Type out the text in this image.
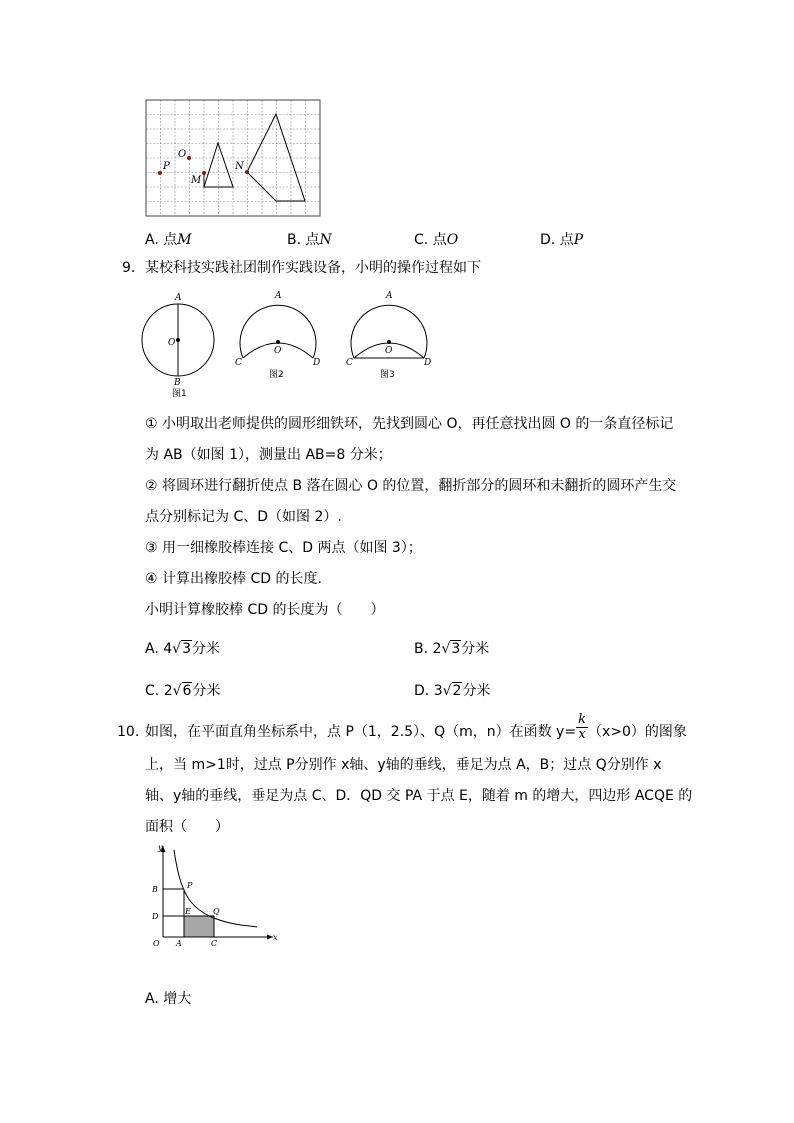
P
O
M
N
A. 点M	B. 点N	C. 点O	D. 点P
9. 某校科技实践社团制作实践设备，小明的操作过程如下
A
O
B
图1
A
O
C	D
图2
A
O
C	D
图3
① 小明取出老师提供的圆形细铁环，先找到圆心 O，再任意找出圆 O 的一条直径标记
为 AB（如图 1），测量出 AB=8 分米；
② 将圆环进行翻折使点 B 落在圆心 O 的位置，翻折部分的圆环和未翻折的圆环产生交
点分别标记为 C、D（如图 2）.
③ 用一细橡胶棒连接 C、D 两点（如图 3）；
④ 计算出橡胶棒 CD 的长度.
小明计算橡胶棒 CD 的长度为（　　）
A. 4√3分米	B. 2√3分米
C. 2√6分米	D. 3√2分米
10. 如图，在平面直角坐标系中，点 P（1，2.5）、Q（m，n）在函数 $y= \frac{k}{x} (x>0)$的图象
上，当 m>1时，过点 P分别作 x轴、y轴的垂线，垂足为点 A，B；过点 Q分别作 x
轴、y轴的垂线，垂足为点 C、D．QD 交 PA 于点 E，随着 m 的增大，四边形 ACQE 的
面积（　　）
y
x
O A	C
B
D
P
E	Q
A. 增大
